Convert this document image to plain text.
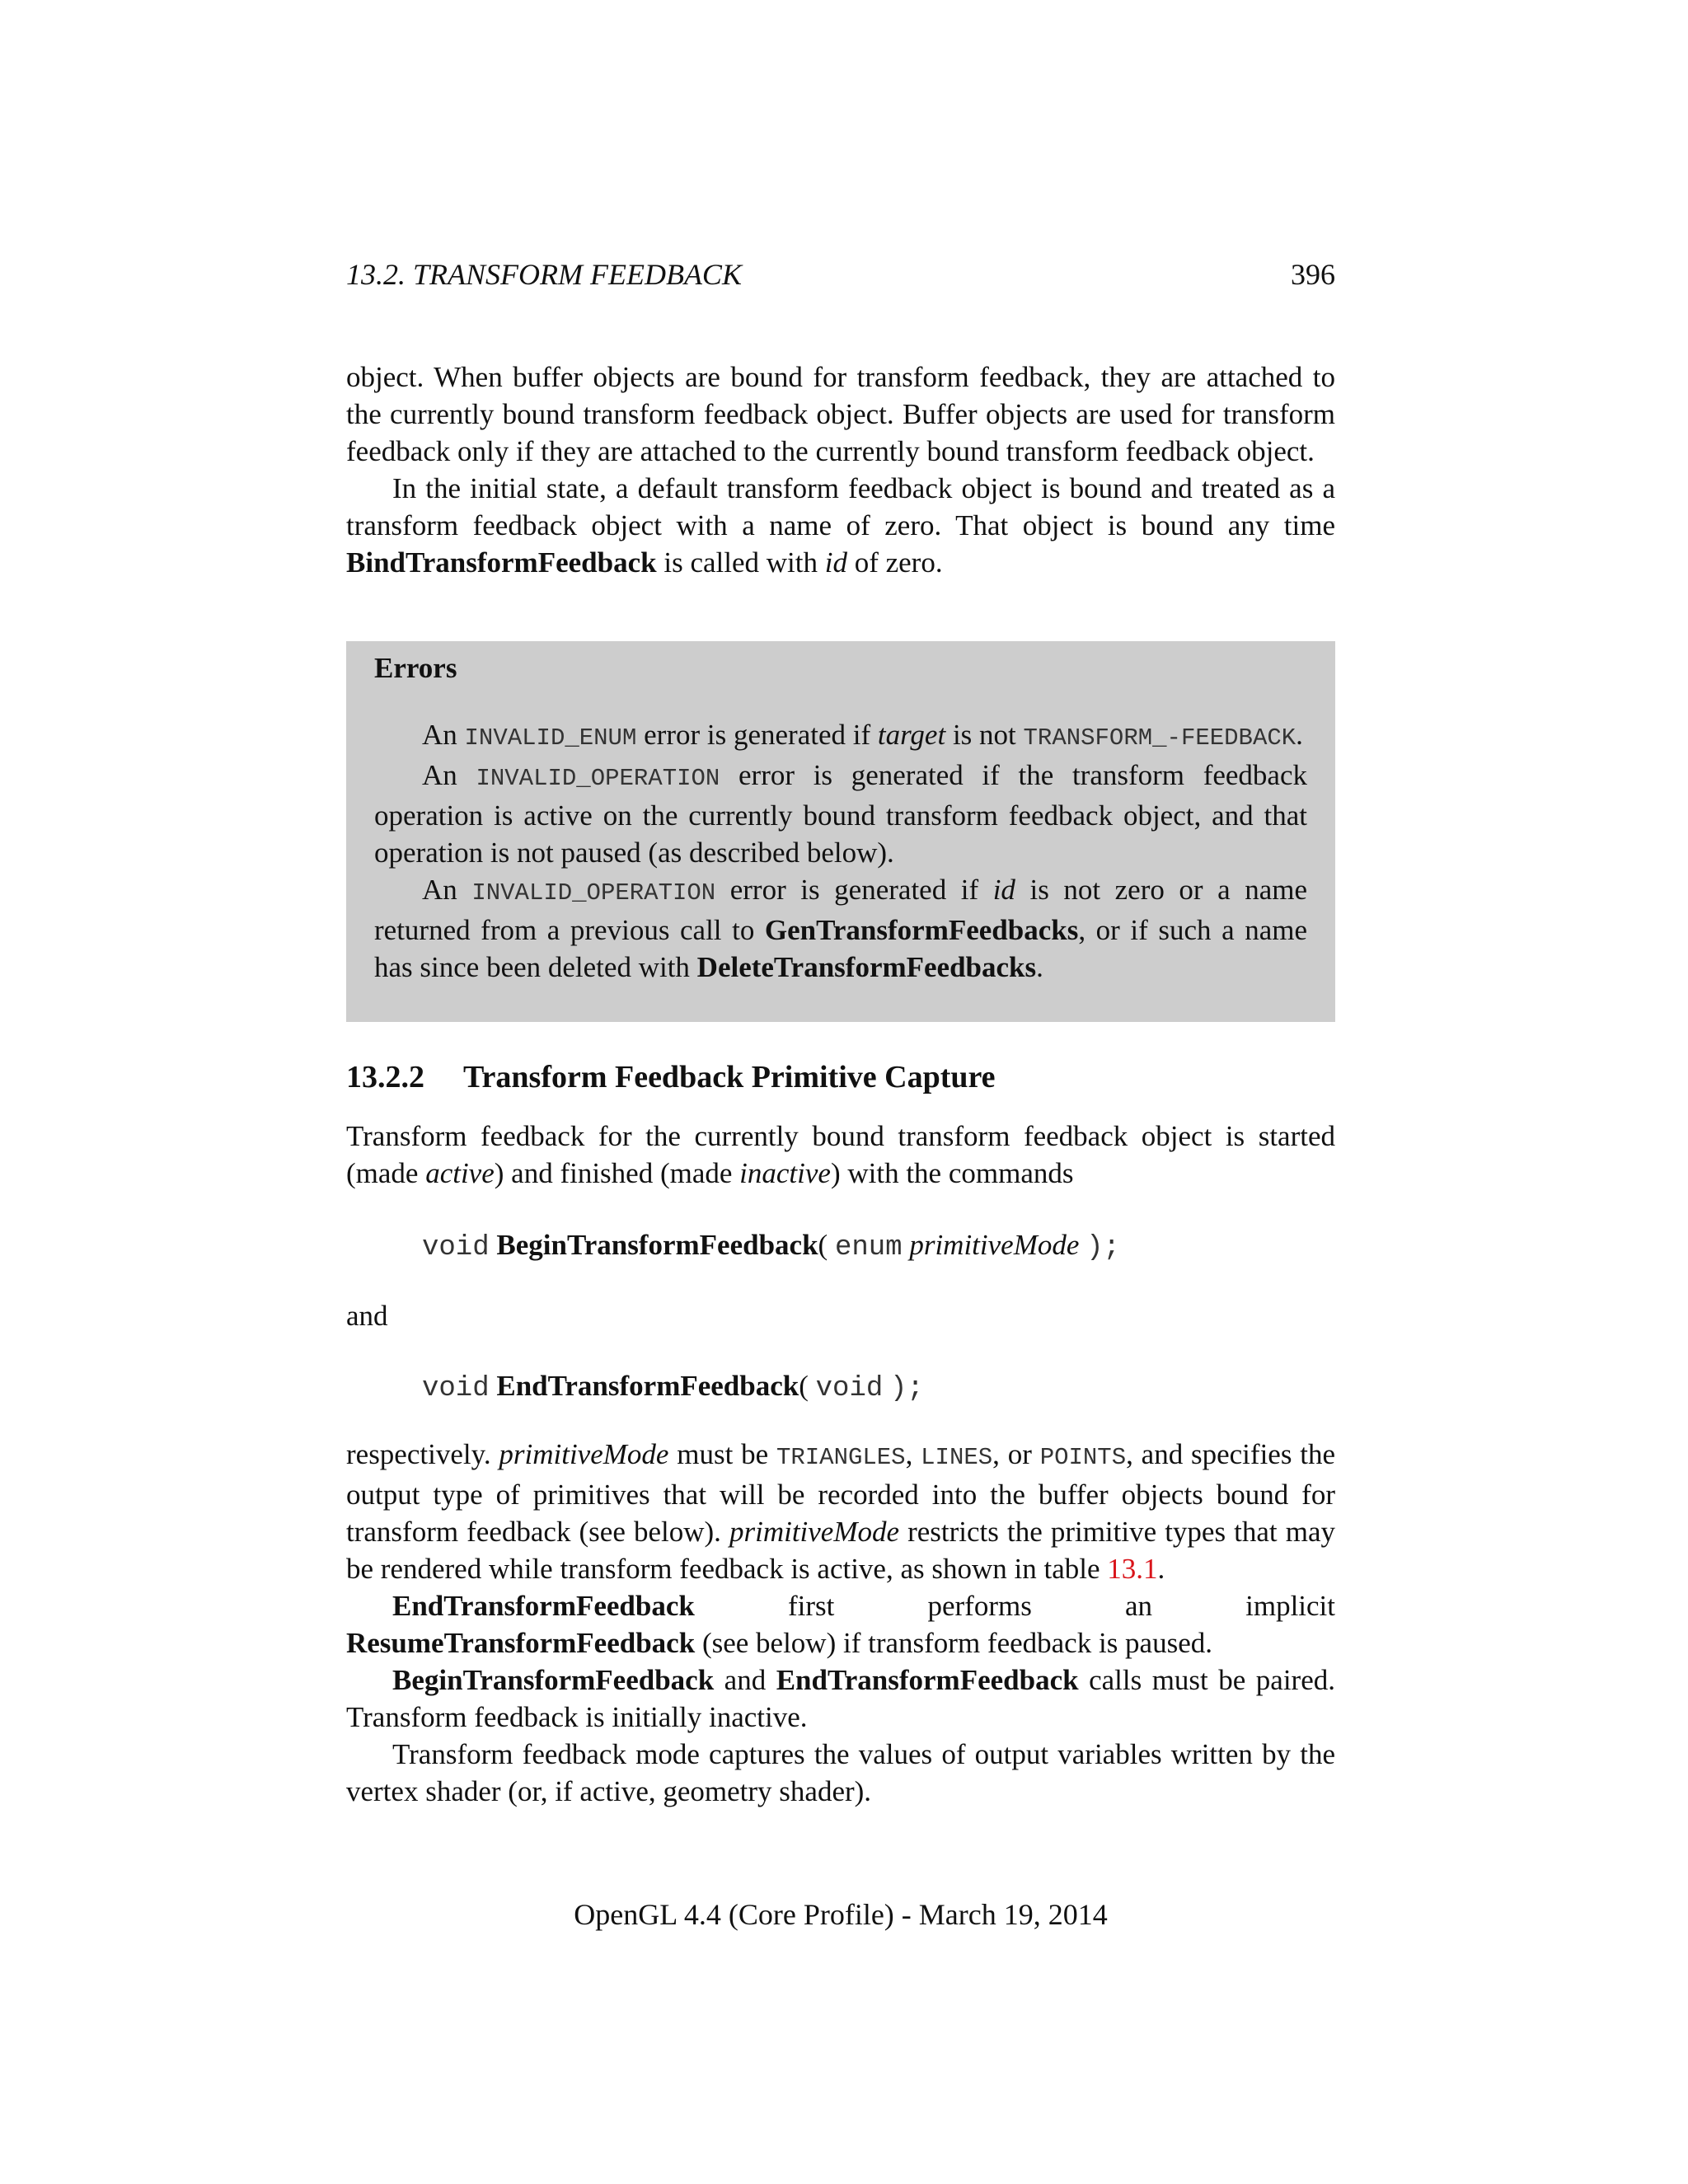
13.2. TRANSFORM FEEDBACK	396

object. When buffer objects are bound for transform feedback, they are attached to the currently bound transform feedback object. Buffer objects are used for transform feedback only if they are attached to the currently bound transform feedback object.

In the initial state, a default transform feedback object is bound and treated as a transform feedback object with a name of zero. That object is bound any time BindTransformFeedback is called with id of zero.

Errors

An INVALID_ENUM error is generated if target is not TRANSFORM_-FEEDBACK.

An INVALID_OPERATION error is generated if the transform feedback operation is active on the currently bound transform feedback object, and that operation is not paused (as described below).

An INVALID_OPERATION error is generated if id is not zero or a name returned from a previous call to GenTransformFeedbacks, or if such a name has since been deleted with DeleteTransformFeedbacks.

13.2.2 Transform Feedback Primitive Capture

Transform feedback for the currently bound transform feedback object is started (made active) and finished (made inactive) with the commands

void BeginTransformFeedback( enum primitiveMode );
and
void EndTransformFeedback( void );

respectively. primitiveMode must be TRIANGLES, LINES, or POINTS, and specifies the output type of primitives that will be recorded into the buffer objects bound for transform feedback (see below). primitiveMode restricts the primitive types that may be rendered while transform feedback is active, as shown in table 13.1.

EndTransformFeedback first performs an implicit ResumeTransformFeedback (see below) if transform feedback is paused.

BeginTransformFeedback and EndTransformFeedback calls must be paired. Transform feedback is initially inactive.

Transform feedback mode captures the values of output variables written by the vertex shader (or, if active, geometry shader).

OpenGL 4.4 (Core Profile) - March 19, 2014
